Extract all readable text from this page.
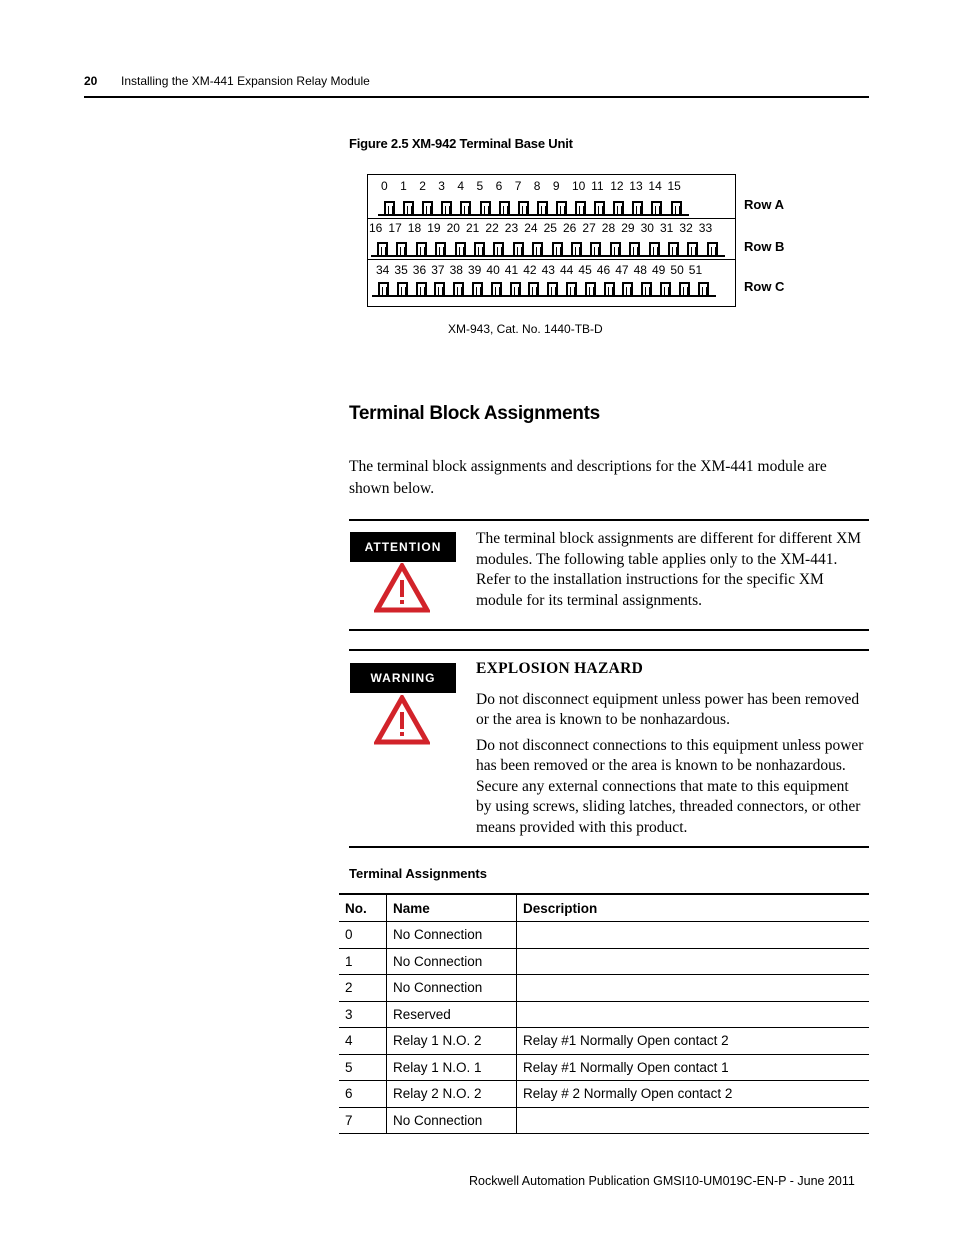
20 Installing the XM-441 Expansion Relay Module
Figure 2.5 XM-942 Terminal Base Unit
0 1 2 3 4 5 6 7 8 9 10 11 12 13 14 15
16 17 18 19 20 21 22 23 24 25 26 27 28 29 30 31 32 33
34 35 36 37 38 39 40 41 42 43 44 45 46 47 48 49 50 51
Row A
Row B
Row C
XM-943, Cat. No. 1440-TB-D
Terminal Block Assignments
The terminal block assignments and descriptions for the XM-441 module are shown below.
ATTENTION	The terminal block assignments are different for different XM modules. The following table applies only to the XM-441. Refer to the installation instructions for the specific XM module for its terminal assignments.
WARNING
EXPLOSION HAZARD

Do not disconnect equipment unless power has been removed or the area is known to be nonhazardous.

Do not disconnect connections to this equipment unless power has been removed or the area is known to be nonhazardous. Secure any external connections that mate to this equipment by using screws, sliding latches, threaded connectors, or other means provided with this product.

Terminal Assignments
No.	Name	Description
0	No Connection	
1	No Connection	
2	No Connection	
3	Reserved	
4	Relay 1 N.O. 2	Relay #1 Normally Open contact 2
5	Relay 1 N.O. 1	Relay #1 Normally Open contact 1
6	Relay 2 N.O. 2	Relay # 2 Normally Open contact 2
7	No Connection	
Rockwell Automation Publication GMSI10-UM019C-EN-P - June 2011
